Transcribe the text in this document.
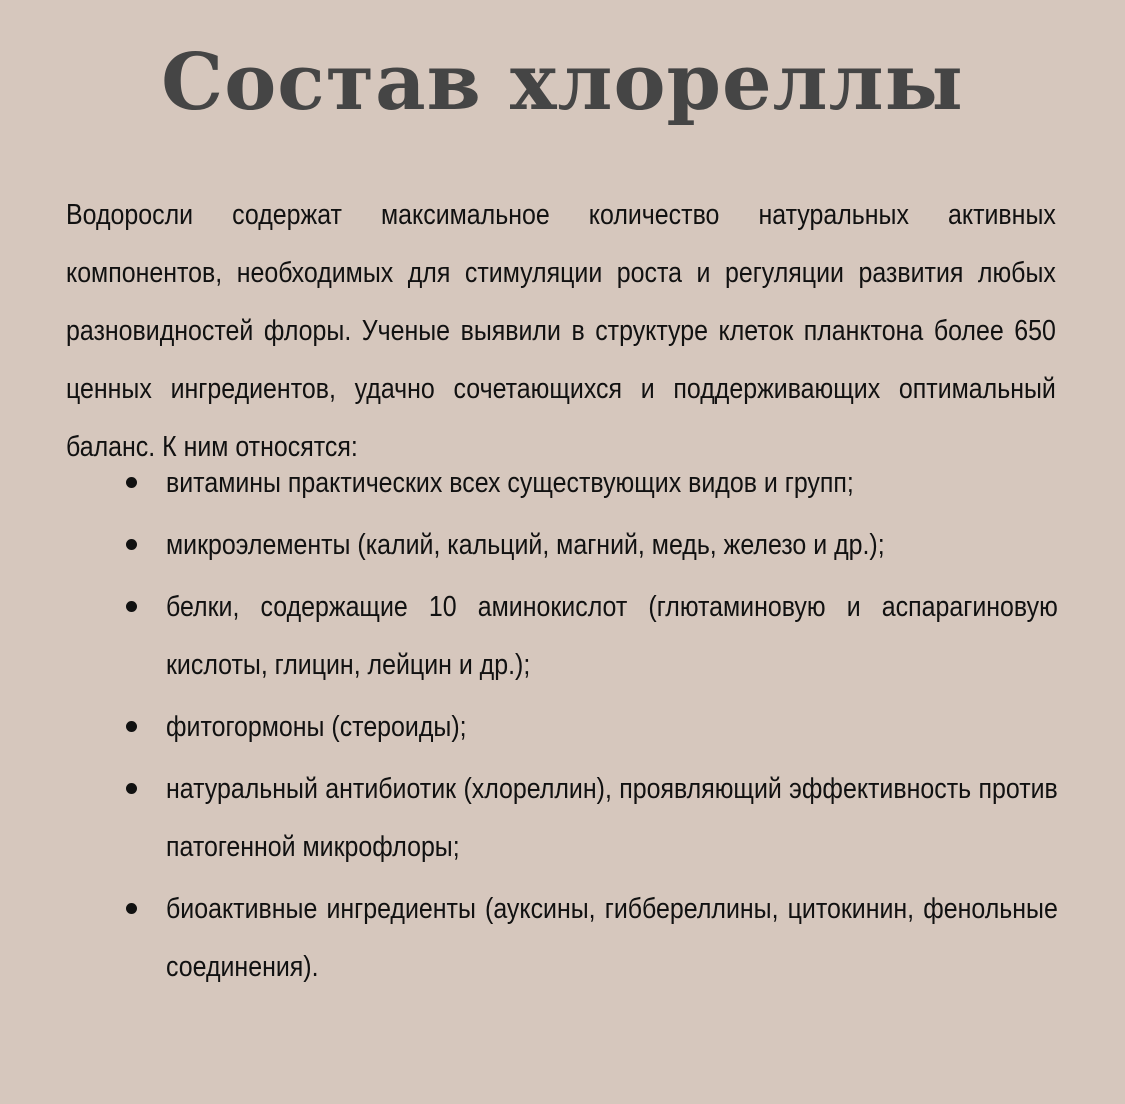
Состав хлореллы

Водоросли содержат максимальное количество натуральных активных компонентов, необходимых для стимуляции роста и регуляции развития любых разновидностей флоры. Ученые выявили в структуре клеток планктона более 650 ценных ингредиентов, удачно сочетающихся и поддерживающих оптимальный баланс. К ним относятся:

витамины практических всех существующих видов и групп;
микроэлементы (калий, кальций, магний, медь, железо и др.);
белки, содержащие 10 аминокислот (глютаминовую и аспарагиновую кислоты, глицин, лейцин и др.);
фитогормоны (стероиды);
натуральный антибиотик (хлореллин), проявляющий эффективность против патогенной микрофлоры;
биоактивные ингредиенты (ауксины, гиббереллины, цитокинин, фенольные соединения).
